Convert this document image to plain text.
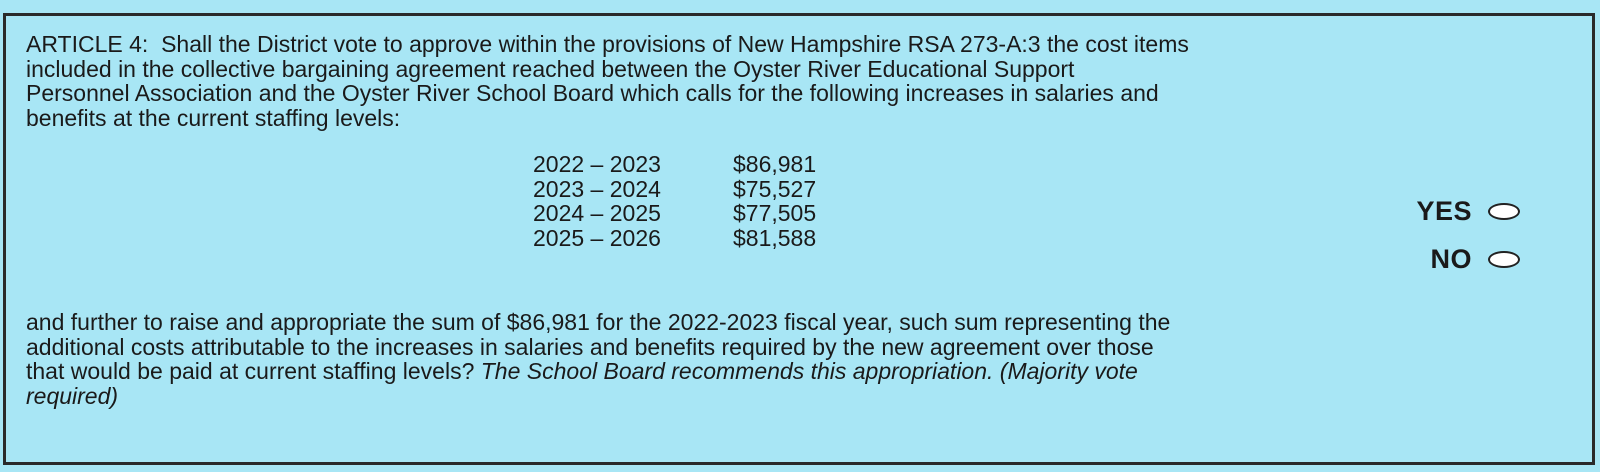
ARTICLE 4: Shall the District vote to approve within the provisions of New Hampshire RSA 273-A:3 the cost items
included in the collective bargaining agreement reached between the Oyster River Educational Support
Personnel Association and the Oyster River School Board which calls for the following increases in salaries and
benefits at the current staffing levels:
2022 – 2023	$86,981
2023 – 2024	$75,527
2024 – 2025	$77,505
2025 – 2026	$81,588
and further to raise and appropriate the sum of $86,981 for the 2022-2023 fiscal year, such sum representing the
additional costs attributable to the increases in salaries and benefits required by the new agreement over those
that would be paid at current staffing levels? The School Board recommends this appropriation. (Majority vote
required)
YES
NO
